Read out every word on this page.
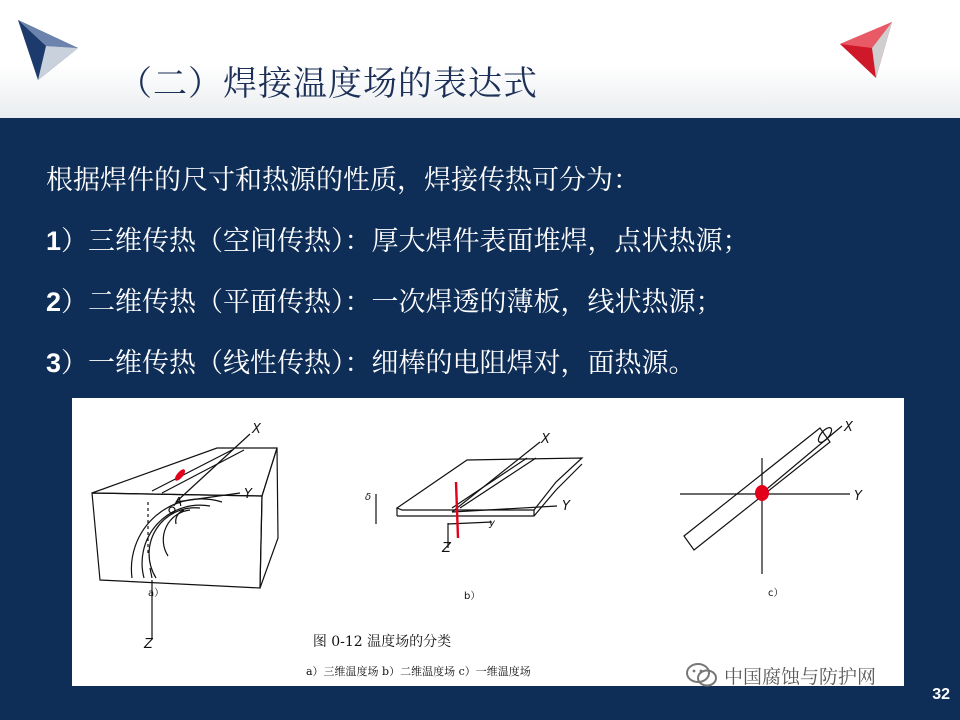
（二）焊接温度场的表达式
根据焊件的尺寸和热源的性质，焊接传热可分为：
1）三维传热（空间传热）：厚大焊件表面堆焊，点状热源；
2）二维传热（平面传热）：一次焊透的薄板，线状热源；
3）一维传热（线性传热）：细棒的电阻焊对，面热源。
X
Y
Z
A
X
Y
Z
δ
y
X
Y
a）	b）	c）
图 0-12 温度场的分类
a）三维温度场 b）二维温度场 c）一维温度场	中国腐蚀与防护网
32
